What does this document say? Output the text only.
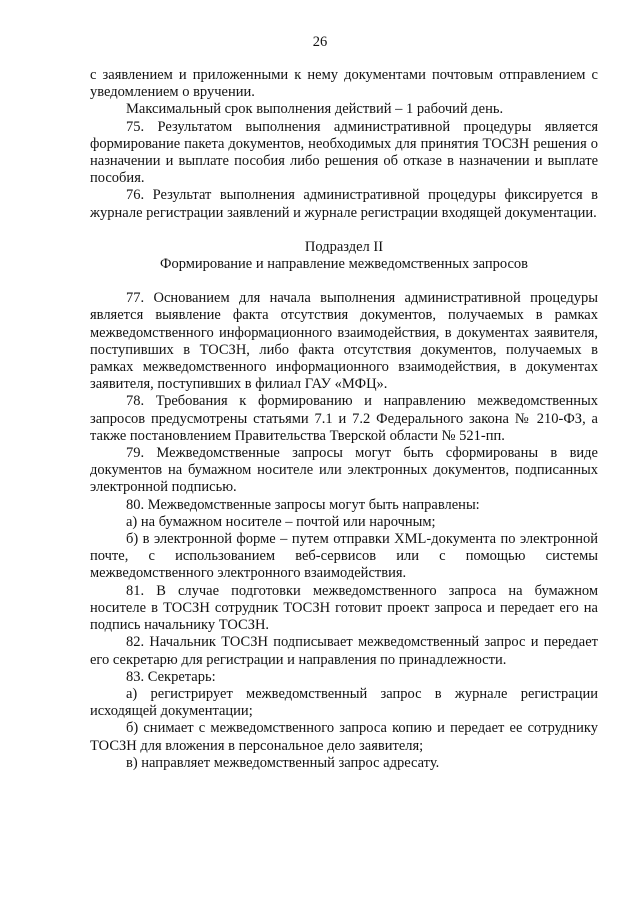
26

с заявлением и приложенными к нему документами почтовым отправлением с уведомлением о вручении.

Максимальный срок выполнения действий – 1 рабочий день.

75. Результатом выполнения административной процедуры является формирование пакета документов, необходимых для принятия ТОСЗН решения о назначении и выплате пособия либо решения об отказе в назначении и выплате пособия.

76. Результат выполнения административной процедуры фиксируется в журнале регистрации заявлений и журнале регистрации входящей документации.

Подраздел II

Формирование и направление межведомственных запросов

77. Основанием для начала выполнения административной процедуры является выявление факта отсутствия документов, получаемых в рамках межведомственного информационного взаимодействия, в документах заявителя, поступивших в ТОСЗН, либо факта отсутствия документов, получаемых в рамках межведомственного информационного взаимодействия, в документах заявителя, поступивших в филиал ГАУ «МФЦ».

78. Требования к формированию и направлению межведомственных запросов предусмотрены статьями 7.1 и 7.2 Федерального закона № 210-ФЗ, а также постановлением Правительства Тверской области № 521-пп.

79. Межведомственные запросы могут быть сформированы в виде документов на бумажном носителе или электронных документов, подписанных электронной подписью.

80. Межведомственные запросы могут быть направлены:

а) на бумажном носителе – почтой или нарочным;

б) в электронной форме – путем отправки XML-документа по электронной почте, с использованием веб-сервисов или с помощью системы межведомственного электронного взаимодействия.

81. В случае подготовки межведомственного запроса на бумажном носителе в ТОСЗН сотрудник ТОСЗН готовит проект запроса и передает его на подпись начальнику ТОСЗН.

82. Начальник ТОСЗН подписывает межведомственный запрос и передает его секретарю для регистрации и направления по принадлежности.

83. Секретарь:

а) регистрирует межведомственный запрос в журнале регистрации исходящей документации;

б) снимает с межведомственного запроса копию и передает ее сотруднику ТОСЗН для вложения в персональное дело заявителя;

в) направляет межведомственный запрос адресату.
